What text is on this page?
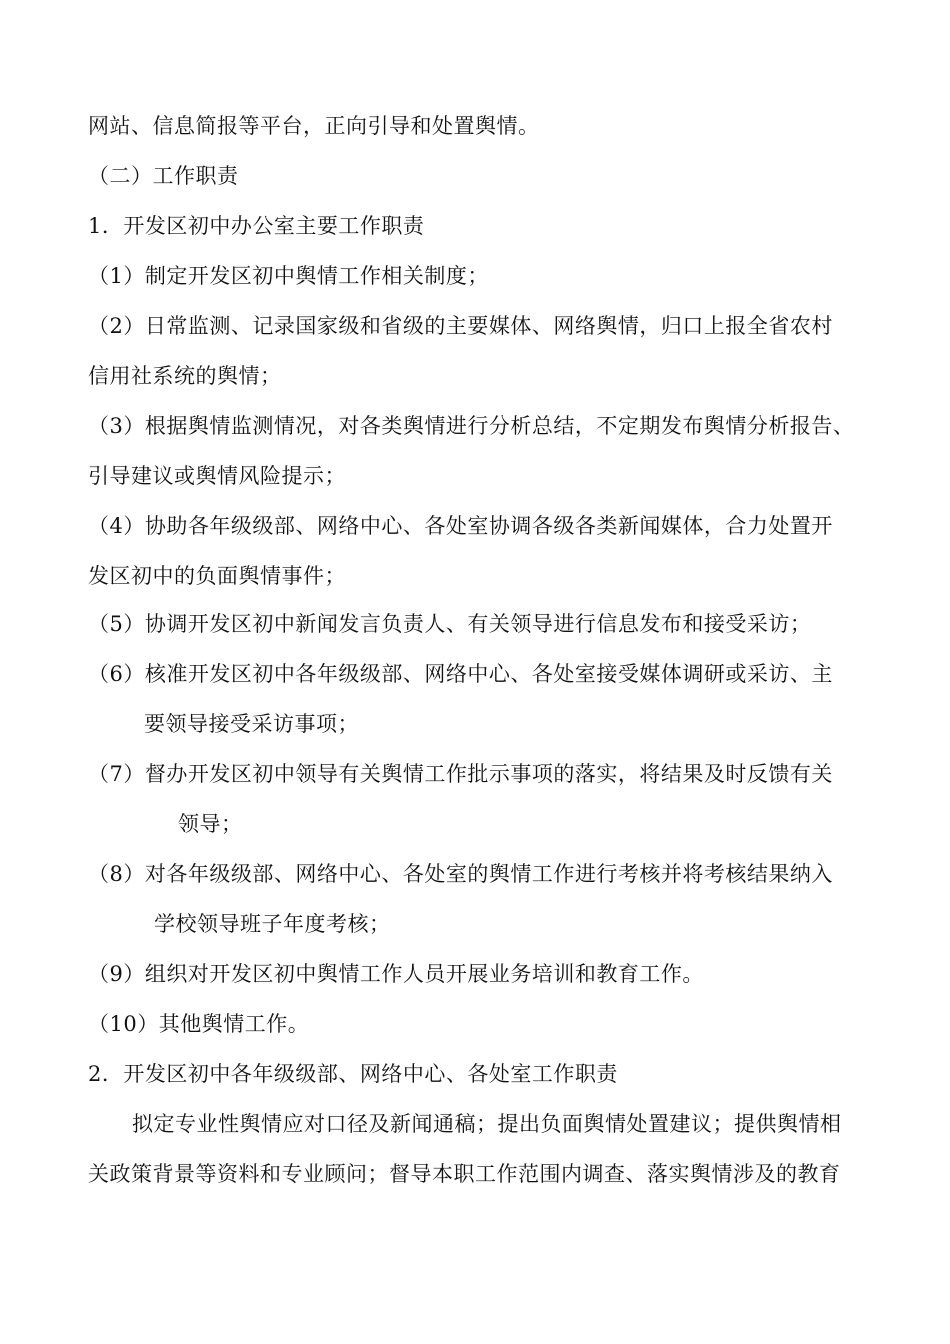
网站、信息简报等平台，正向引导和处置舆情。
（二）工作职责
1．开发区初中办公室主要工作职责
（1）制定开发区初中舆情工作相关制度；
（2）日常监测、记录国家级和省级的主要媒体、网络舆情，归口上报全省农村
信用社系统的舆情；
（3）根据舆情监测情况，对各类舆情进行分析总结，不定期发布舆情分析报告、
引导建议或舆情风险提示；
（4）协助各年级级部、网络中心、各处室协调各级各类新闻媒体，合力处置开
发区初中的负面舆情事件；
（5）协调开发区初中新闻发言负责人、有关领导进行信息发布和接受采访；
（6）核准开发区初中各年级级部、网络中心、各处室接受媒体调研或采访、主
要领导接受采访事项；
（7）督办开发区初中领导有关舆情工作批示事项的落实，将结果及时反馈有关
领导；
（8）对各年级级部、网络中心、各处室的舆情工作进行考核并将考核结果纳入
学校领导班子年度考核；
（9）组织对开发区初中舆情工作人员开展业务培训和教育工作。
（10）其他舆情工作。
2．开发区初中各年级级部、网络中心、各处室工作职责
拟定专业性舆情应对口径及新闻通稿；提出负面舆情处置建议；提供舆情相
关政策背景等资料和专业顾问；督导本职工作范围内调查、落实舆情涉及的教育
